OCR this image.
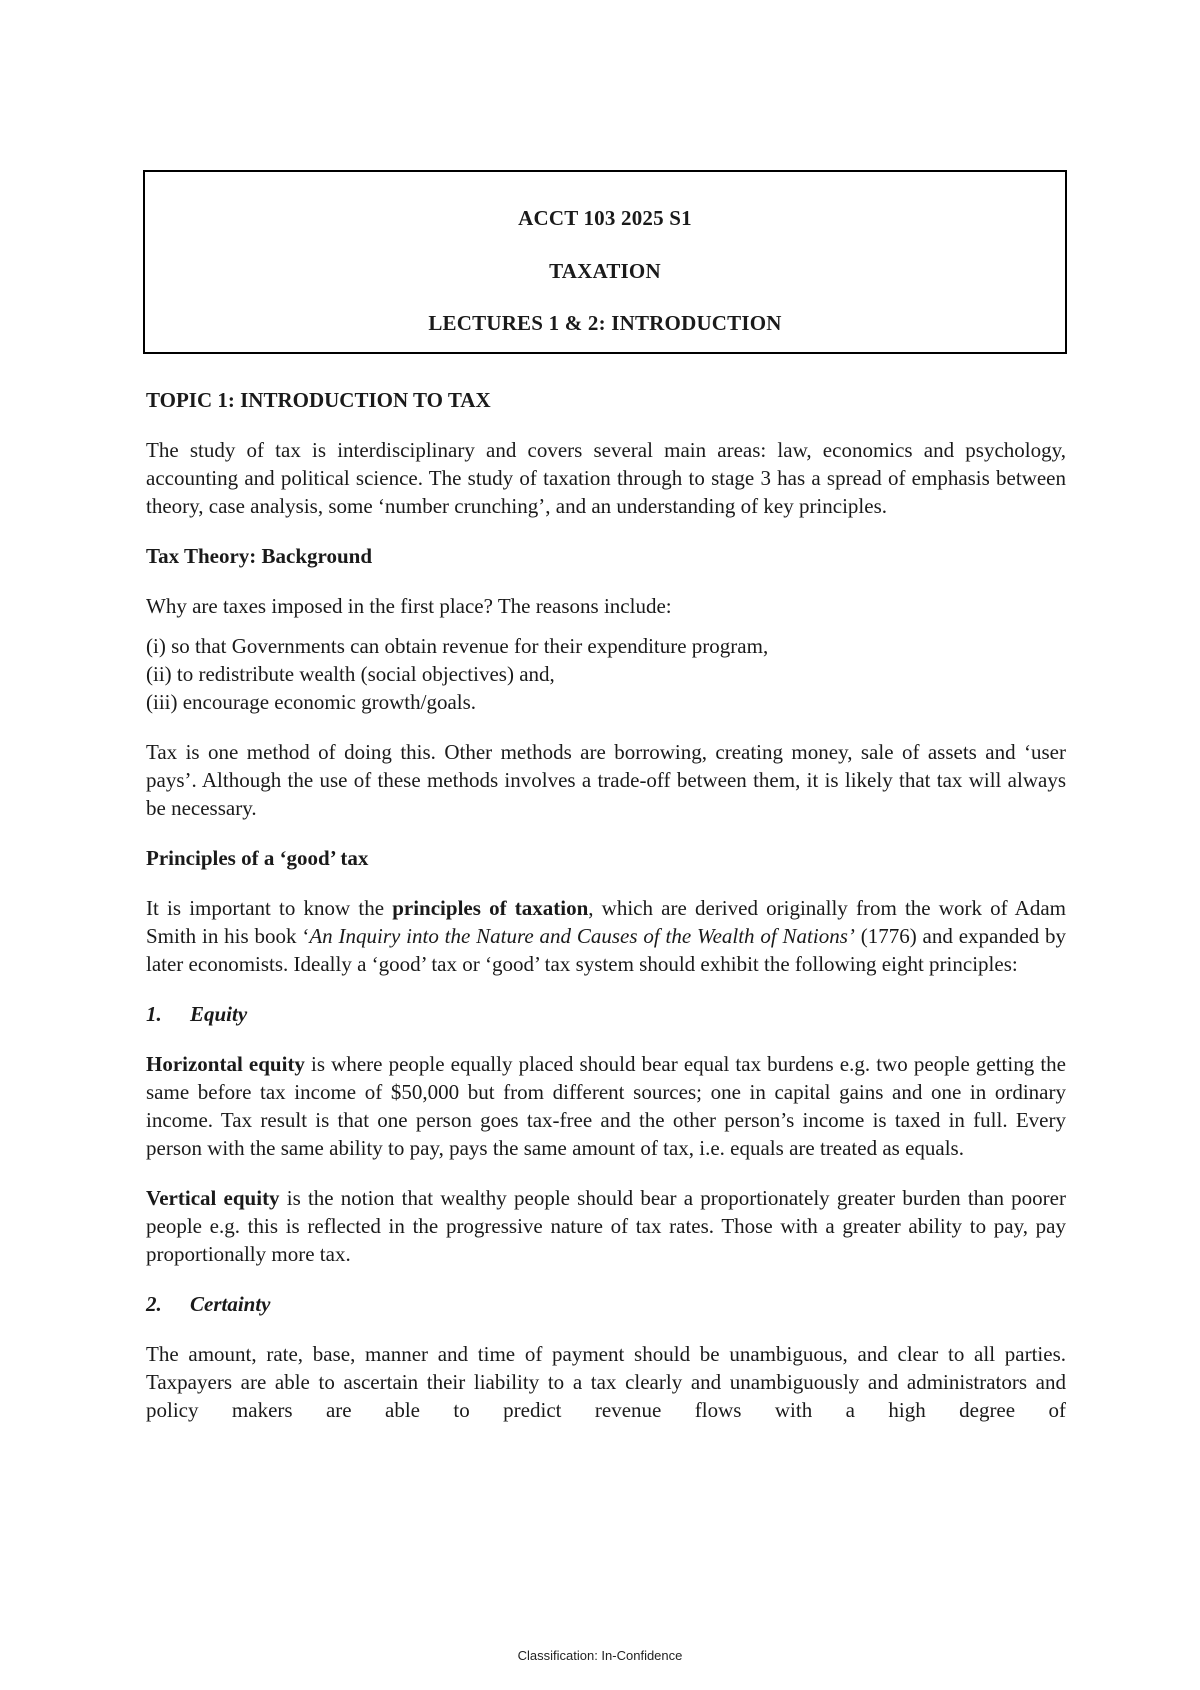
ACCT 103 2025 S1
TAXATION
LECTURES 1 & 2: INTRODUCTION
TOPIC 1: INTRODUCTION TO TAX

The study of tax is interdisciplinary and covers several main areas: law, economics and psychology, accounting and political science. The study of taxation through to stage 3 has a spread of emphasis between theory, case analysis, some ‘number crunching’, and an understanding of key principles.

Tax Theory: Background

Why are taxes imposed in the first place? The reasons include:

(i) so that Governments can obtain revenue for their expenditure program,

(ii) to redistribute wealth (social objectives) and,

(iii) encourage economic growth/goals.

Tax is one method of doing this. Other methods are borrowing, creating money, sale of assets and ‘user pays’. Although the use of these methods involves a trade-off between them, it is likely that tax will always be necessary.

Principles of a ‘good’ tax

It is important to know the principles of taxation, which are derived originally from the work of Adam Smith in his book ‘An Inquiry into the Nature and Causes of the Wealth of Nations’ (1776) and expanded by later economists. Ideally a ‘good’ tax or ‘good’ tax system should exhibit the following eight principles:

1. Equity

Horizontal equity is where people equally placed should bear equal tax burdens e.g. two people getting the same before tax income of $50,000 but from different sources; one in capital gains and one in ordinary income. Tax result is that one person goes tax-free and the other person’s income is taxed in full. Every person with the same ability to pay, pays the same amount of tax, i.e. equals are treated as equals.

Vertical equity is the notion that wealthy people should bear a proportionately greater burden than poorer people e.g. this is reflected in the progressive nature of tax rates. Those with a greater ability to pay, pay proportionally more tax.

2. Certainty

The amount, rate, base, manner and time of payment should be unambiguous, and clear to all parties. Taxpayers are able to ascertain their liability to a tax clearly and unambiguously and administrators and policy makers are able to predict revenue flows with a high degree of

Classification: In-Confidence
